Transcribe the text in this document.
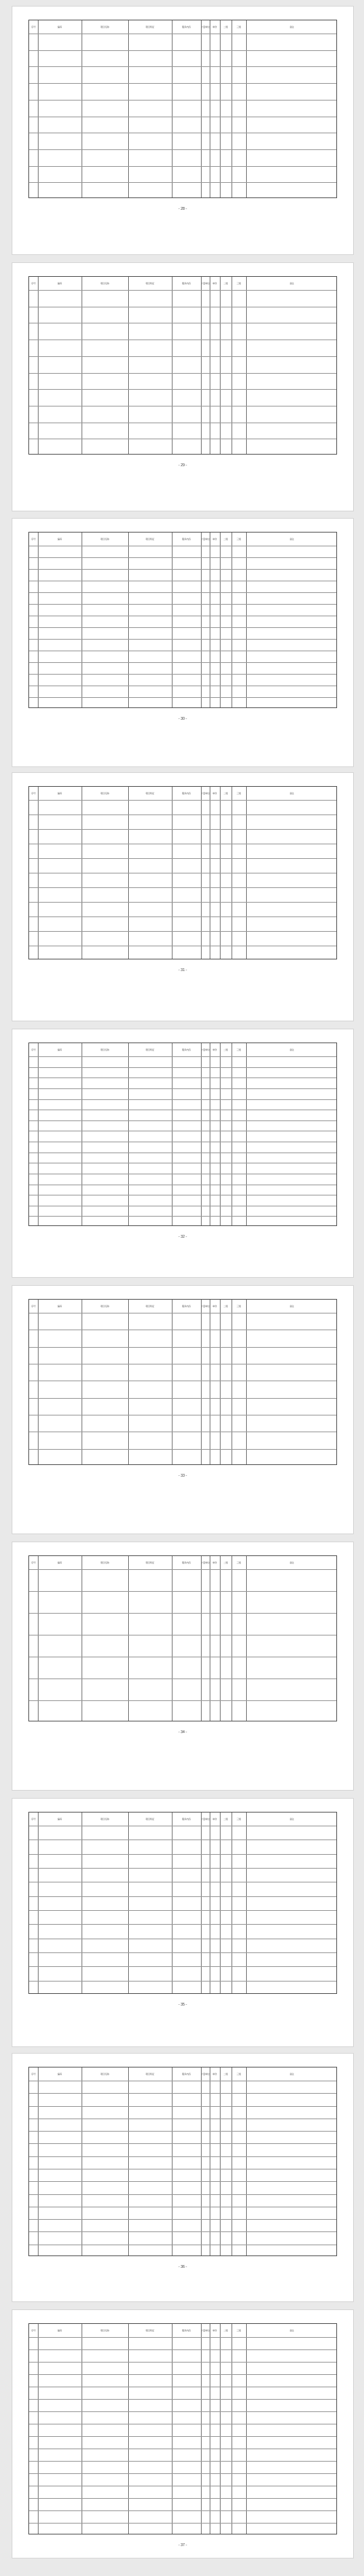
序号	编码	项目名称	项目特征	服务内容	计量单位	单价	二级	三级	备注
- 28 -
序号	编码	项目名称	项目特征	服务内容	计量单位	单价	二级	三级	备注
- 29 -
序号	编码	项目名称	项目特征	服务内容	计量单位	单价	二级	三级	备注
- 30 -
序号	编码	项目名称	项目特征	服务内容	计量单位	单价	二级	三级	备注
- 31 -
序号	编码	项目名称	项目特征	服务内容	计量单位	单价	二级	三级	备注
- 32 -
序号	编码	项目名称	项目特征	服务内容	计量单位	单价	二级	三级	备注
- 33 -
序号	编码	项目名称	项目特征	服务内容	计量单位	单价	二级	三级	备注
- 34 -
序号	编码	项目名称	项目特征	服务内容	计量单位	单价	二级	三级	备注
- 35 -
序号	编码	项目名称	项目特征	服务内容	计量单位	单价	二级	三级	备注
- 36 -
序号	编码	项目名称	项目特征	服务内容	计量单位	单价	二级	三级	备注
- 37 -
